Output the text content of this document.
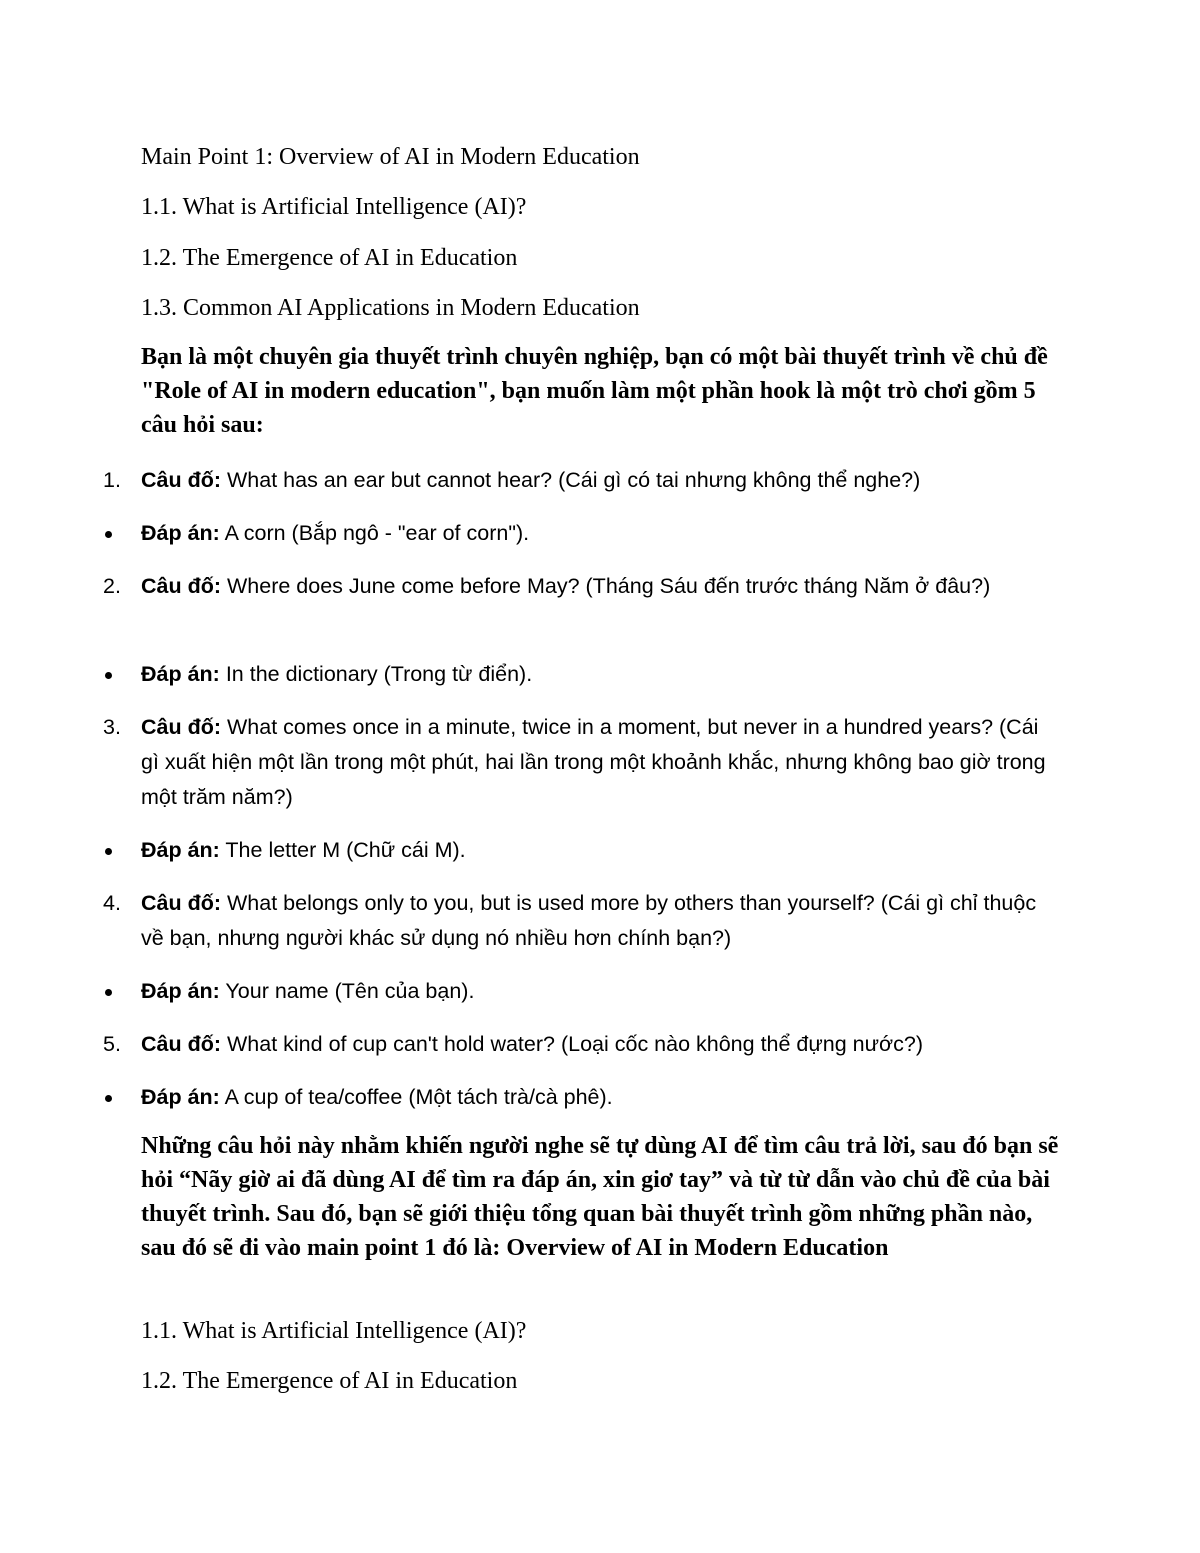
Main Point 1: Overview of AI in Modern Education

1.1. What is Artificial Intelligence (AI)?

1.2. The Emergence of AI in Education

1.3. Common AI Applications in Modern Education

Bạn là một chuyên gia thuyết trình chuyên nghiệp, bạn có một bài thuyết trình về chủ đề "Role of AI in modern education", bạn muốn làm một phần hook là một trò chơi gồm 5 câu hỏi sau:

1. Câu đố: What has an ear but cannot hear? (Cái gì có tai nhưng không thể nghe?)
Đáp án: A corn (Bắp ngô - "ear of corn").
2. Câu đố: Where does June come before May? (Tháng Sáu đến trước tháng Năm ở đâu?)
Đáp án: In the dictionary (Trong từ điển).
3. Câu đố: What comes once in a minute, twice in a moment, but never in a hundred years? (Cái gì xuất hiện một lần trong một phút, hai lần trong một khoảnh khắc, nhưng không bao giờ trong một trăm năm?)
Đáp án: The letter M (Chữ cái M).
4. Câu đố: What belongs only to you, but is used more by others than yourself? (Cái gì chỉ thuộc về bạn, nhưng người khác sử dụng nó nhiều hơn chính bạn?)
Đáp án: Your name (Tên của bạn).
5. Câu đố: What kind of cup can't hold water? (Loại cốc nào không thể đựng nước?)
Đáp án: A cup of tea/coffee (Một tách trà/cà phê).

Những câu hỏi này nhằm khiến người nghe sẽ tự dùng AI để tìm câu trả lời, sau đó bạn sẽ hỏi “Nãy giờ ai đã dùng AI để tìm ra đáp án, xin giơ tay” và từ từ dẫn vào chủ đề của bài thuyết trình. Sau đó, bạn sẽ giới thiệu tổng quan bài thuyết trình gồm những phần nào, sau đó sẽ đi vào main point 1 đó là: Overview of AI in Modern Education

1.1. What is Artificial Intelligence (AI)?

1.2. The Emergence of AI in Education
